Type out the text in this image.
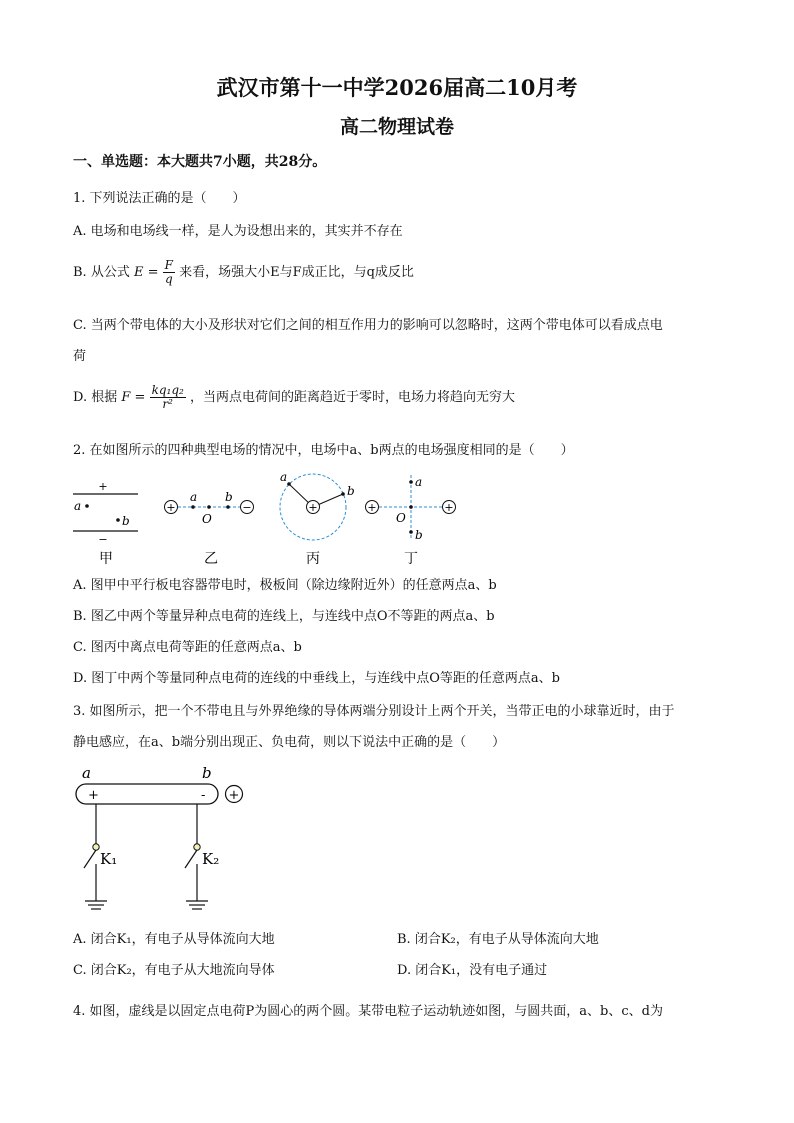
武汉市第十一中学2026届高二10月考
高二物理试卷
一、单选题：本大题共7小题，共28分。
1. 下列说法正确的是（　　）
A. 电场和电场线一样，是人为设想出来的，其实并不存在
B. 从公式 $E = \frac{F}{q}$ 来看，场强大小E与F成正比，与q成反比
C. 当两个带电体的大小及形状对它们之间的相互作用力的影响可以忽略时，这两个带电体可以看成点电
荷
D. 根据 $F = \frac{\text{kq₁q₂}}{\text{r²}}$ ，当两点电荷间的距离趋近于零时，电场力将趋向无穷大
2. 在如图所示的四种典型电场的情况中，电场中a、b两点的电场强度相同的是（　　）
+
−
a
b
+	−
a b
O
+
a
b
+	+
a
O
b
甲	乙	丙	丁
A. 图甲中平行板电容器带电时，极板间（除边缘附近外）的任意两点a、b
B. 图乙中两个等量异种点电荷的连线上，与连线中点O不等距的两点a、b
C. 图丙中离点电荷等距的任意两点a、b
D. 图丁中两个等量同种点电荷的连线的中垂线上，与连线中点O等距的任意两点a、b
3. 如图所示，把一个不带电且与外界绝缘的导体两端分别设计上两个开关，当带正电的小球靠近时，由于
静电感应，在a、b端分别出现正、负电荷，则以下说法中正确的是（　　）
a	b
+	- +
K₁	K₂
A. 闭合K₁，有电子从导体流向大地	B. 闭合K₂，有电子从导体流向大地
C. 闭合K₂，有电子从大地流向导体	D. 闭合K₁，没有电子通过
4. 如图，虚线是以固定点电荷P为圆心的两个圆。某带电粒子运动轨迹如图，与圆共面，a、b、c、d为
